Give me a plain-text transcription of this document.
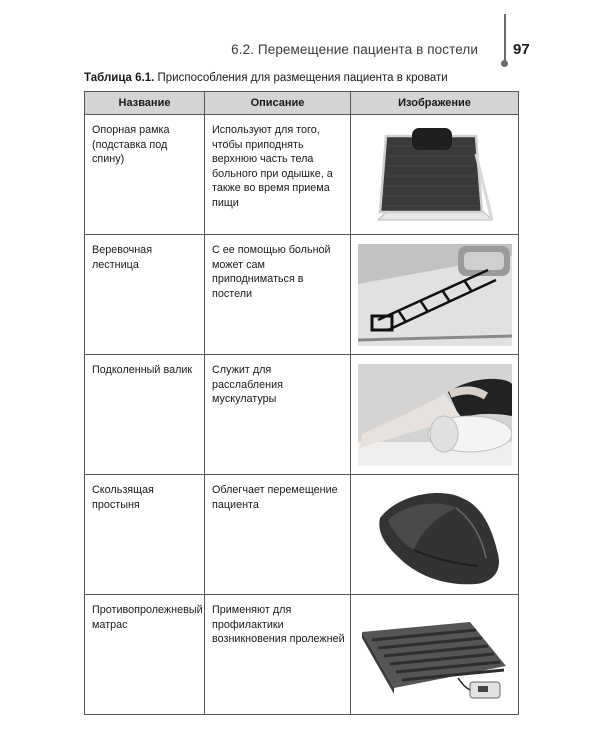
6.2. Перемещение пациента в постели 97
Таблица 6.1. Приспособления для размещения пациента в кровати
Название	Описание	Изображение
Опорная рамка (подставка под спину)	Используют для того, чтобы приподнять верхнюю часть тела больного при одышке, а также во время приема пищи	

Веревочная лестница	С ее помощью больной может сам приподниматься в постели	

Подколенный валик	Служит для расслабления мускулатуры	

Скользящая простыня	Облегчает перемещение пациента	

Противопролежневый матрас	Применяют для профилактики возникновения пролежней	
